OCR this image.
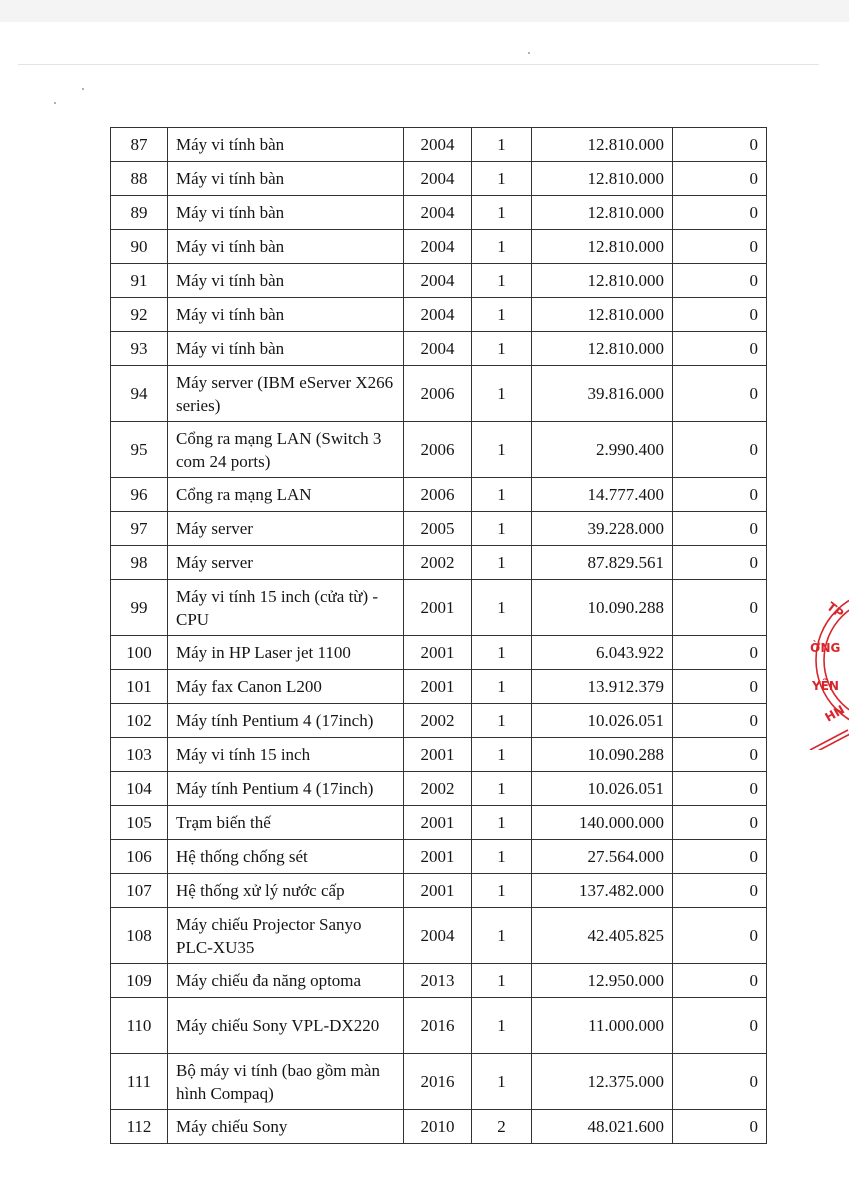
87	Máy vi tính bàn	2004	1	12.810.000	0
88	Máy vi tính bàn	2004	1	12.810.000	0
89	Máy vi tính bàn	2004	1	12.810.000	0
90	Máy vi tính bàn	2004	1	12.810.000	0
91	Máy vi tính bàn	2004	1	12.810.000	0
92	Máy vi tính bàn	2004	1	12.810.000	0
93	Máy vi tính bàn	2004	1	12.810.000	0
94	Máy server (IBM eServer X266 series)	2006	1	39.816.000	0
95	Cổng ra mạng LAN (Switch 3 com 24 ports)	2006	1	2.990.400	0
96	Cổng ra mạng LAN	2006	1	14.777.400	0
97	Máy server	2005	1	39.228.000	0
98	Máy server	2002	1	87.829.561	0
99	Máy vi tính 15 inch (cửa từ) - CPU	2001	1	10.090.288	0
100	Máy in HP Laser jet 1100	2001	1	6.043.922	0
101	Máy fax Canon L200	2001	1	13.912.379	0
102	Máy tính Pentium 4 (17inch)	2002	1	10.026.051	0
103	Máy vi tính 15 inch	2001	1	10.090.288	0
104	Máy tính Pentium 4 (17inch)	2002	1	10.026.051	0
105	Trạm biến thế	2001	1	140.000.000	0
106	Hệ thống chống sét	2001	1	27.564.000	0
107	Hệ thống xử lý nước cấp	2001	1	137.482.000	0
108	Máy chiếu Projector Sanyo PLC-XU35	2004	1	42.405.825	0
109	Máy chiếu đa năng optoma	2013	1	12.950.000	0
110	Máy chiếu Sony VPL-DX220	2016	1	11.000.000	0
111	Bộ máy vi tính (bao gồm màn hình Compaq)	2016	1	12.375.000	0
112	Máy chiếu Sony	2010	2	48.021.600	0
TP
ỜNG
YÊN
HN
